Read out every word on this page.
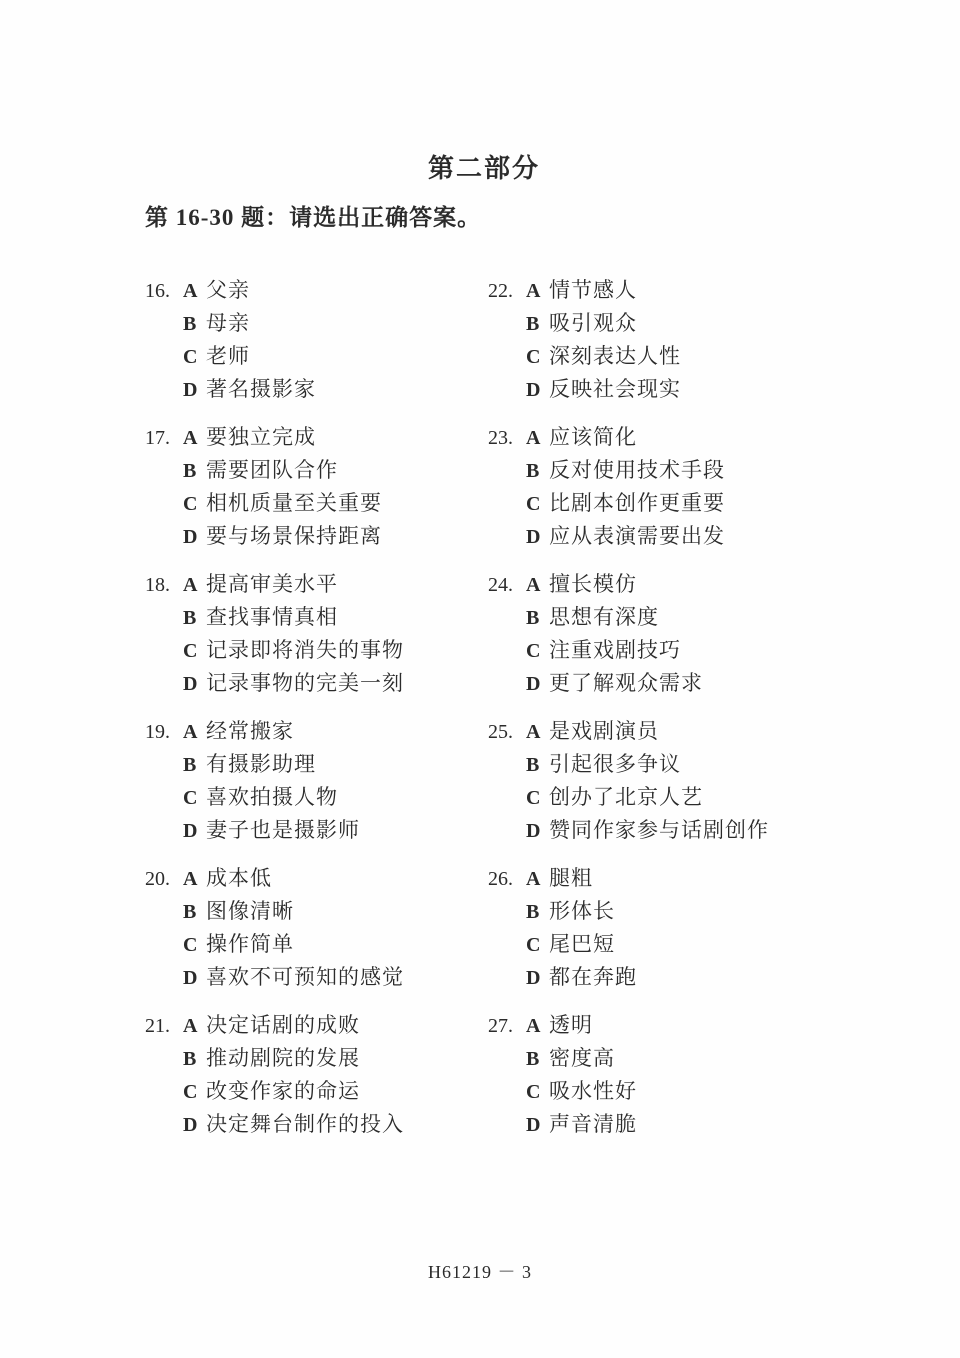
第二部分
第 16-30 题：请选出正确答案。
16. A 父亲
B 母亲
C 老师
D 著名摄影家
17. A 要独立完成
B 需要团队合作
C 相机质量至关重要
D 要与场景保持距离
18. A 提高审美水平
B 查找事情真相
C 记录即将消失的事物
D 记录事物的完美一刻
19. A 经常搬家
B 有摄影助理
C 喜欢拍摄人物
D 妻子也是摄影师
20. A 成本低
B 图像清晰
C 操作简单
D 喜欢不可预知的感觉
21. A 决定话剧的成败
B 推动剧院的发展
C 改变作家的命运
D 决定舞台制作的投入
22. A 情节感人
B 吸引观众
C 深刻表达人性
D 反映社会现实
23. A 应该简化
B 反对使用技术手段
C 比剧本创作更重要
D 应从表演需要出发
24. A 擅长模仿
B 思想有深度
C 注重戏剧技巧
D 更了解观众需求
25. A 是戏剧演员
B 引起很多争议
C 创办了北京人艺
D 赞同作家参与话剧创作
26. A 腿粗
B 形体长
C 尾巴短
D 都在奔跑
27. A 透明
B 密度高
C 吸水性好
D 声音清脆
H61219 － 3
